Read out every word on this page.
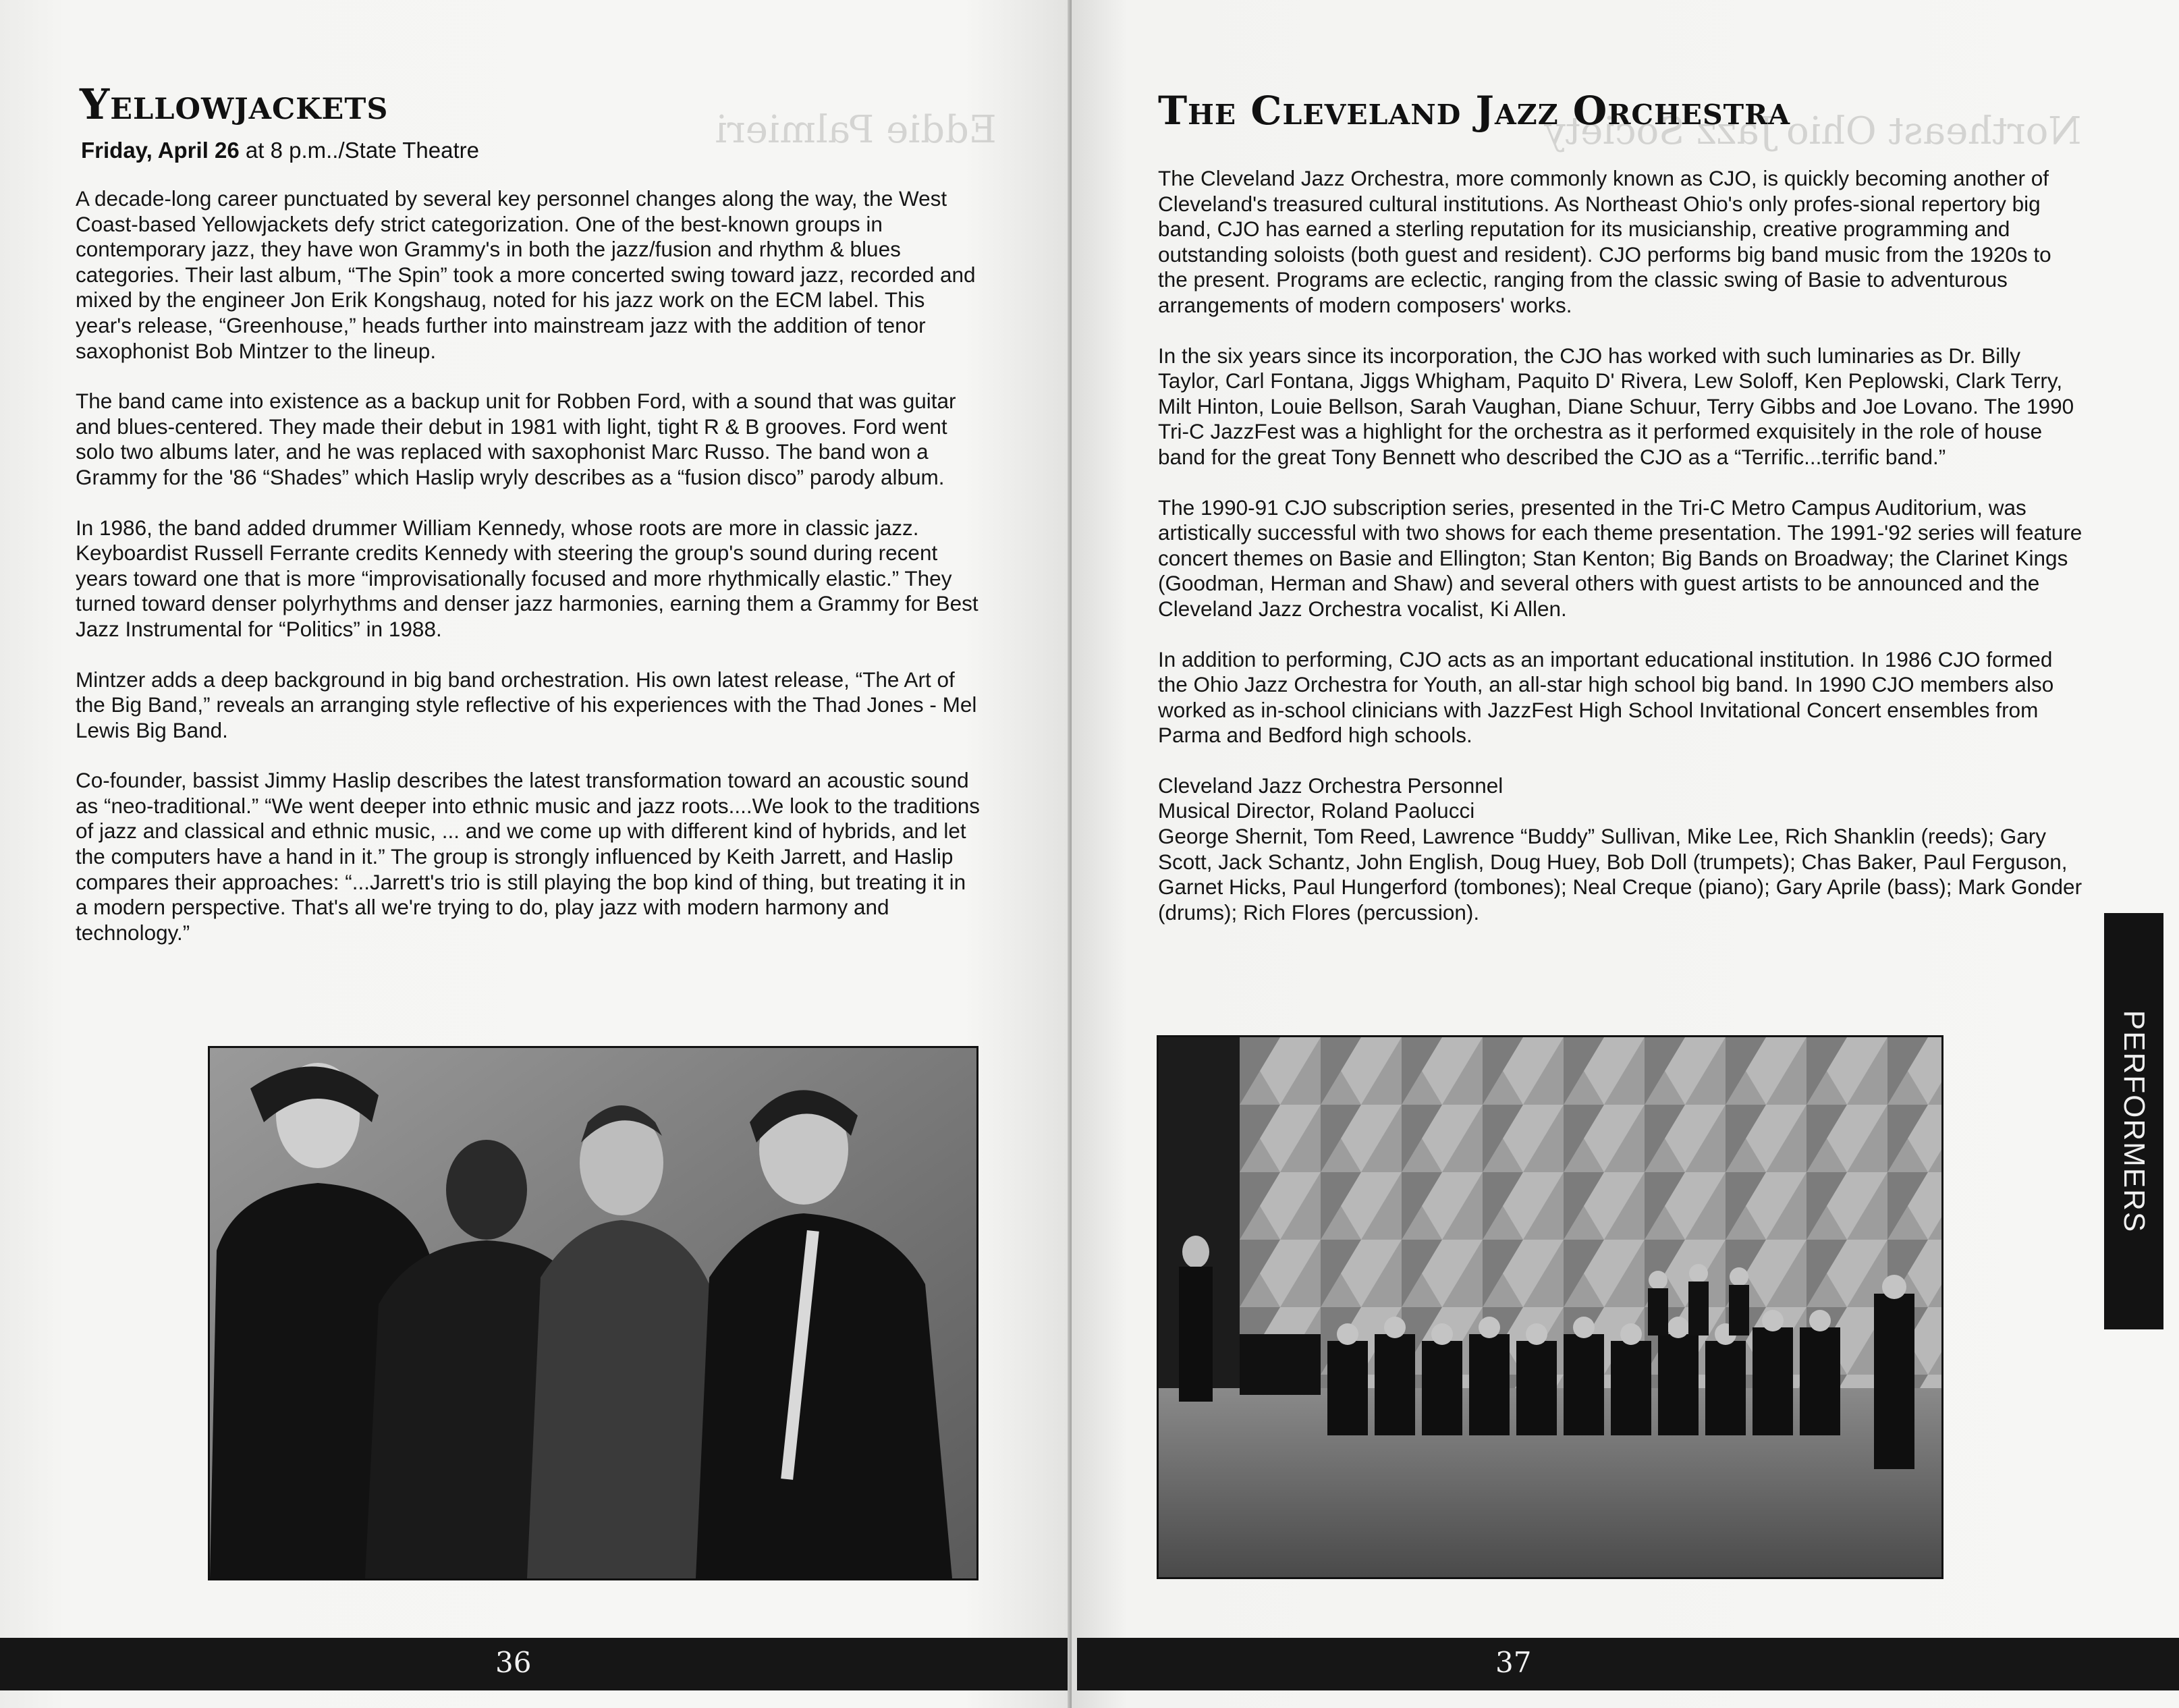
Eddie Palmieri
Yellowjackets

Friday, April 26 at 8 p.m../State Theatre

A decade-long career punctuated by several key personnel changes along the way, the West Coast-based Yellowjackets defy strict categorization. One of the best-known groups in contemporary jazz, they have won Grammy's in both the jazz/fusion and rhythm & blues categories. Their last album, “The Spin” took a more concerted swing toward jazz, recorded and mixed by the engineer Jon Erik Kongshaug, noted for his jazz work on the ECM label. This year's release, “Greenhouse,” heads further into mainstream jazz with the addition of tenor saxophonist Bob Mintzer to the lineup.

The band came into existence as a backup unit for Robben Ford, with a sound that was guitar and blues-centered. They made their debut in 1981 with light, tight R & B grooves. Ford went solo two albums later, and he was replaced with saxophonist Marc Russo. The band won a Grammy for the '86 “Shades” which Haslip wryly describes as a “fusion disco” parody album.

In 1986, the band added drummer William Kennedy, whose roots are more in classic jazz. Keyboardist Russell Ferrante credits Kennedy with steering the group's sound during recent years toward one that is more “improvisationally focused and more rhythmically elastic.” They turned toward denser polyrhythms and denser jazz harmonies, earning them a Grammy for Best Jazz Instrumental for “Politics” in 1988.

Mintzer adds a deep background in big band orchestration. His own latest release, “The Art of the Big Band,” reveals an arranging style reflective of his experiences with the Thad Jones - Mel Lewis Big Band.

Co-founder, bassist Jimmy Haslip describes the latest transformation toward an acoustic sound as “neo-traditional.” “We went deeper into ethnic music and jazz roots....We look to the traditions of jazz and classical and ethnic music, ... and we come up with different kind of hybrids, and let the computers have a hand in it.” The group is strongly influenced by Keith Jarrett, and Haslip compares their approaches: “...Jarrett's trio is still playing the bop kind of thing, but treating it in a modern perspective. That's all we're trying to do, play jazz with modern harmony and technology.”

36
Northeast Ohio Jazz Society
The Cleveland Jazz Orchestra

The Cleveland Jazz Orchestra, more commonly known as CJO, is quickly becoming another of Cleveland's treasured cultural institutions. As Northeast Ohio's only profes-sional repertory big band, CJO has earned a sterling reputation for its musicianship, creative programming and outstanding soloists (both guest and resident). CJO performs big band music from the 1920s to the present. Programs are eclectic, ranging from the classic swing of Basie to adventurous arrangements of modern composers' works.

In the six years since its incorporation, the CJO has worked with such luminaries as Dr. Billy Taylor, Carl Fontana, Jiggs Whigham, Paquito D' Rivera, Lew Soloff, Ken Peplowski, Clark Terry, Milt Hinton, Louie Bellson, Sarah Vaughan, Diane Schuur, Terry Gibbs and Joe Lovano. The 1990 Tri-C JazzFest was a highlight for the orchestra as it performed exquisitely in the role of house band for the great Tony Bennett who described the CJO as a “Terrific...terrific band.”

The 1990-91 CJO subscription series, presented in the Tri-C Metro Campus Auditorium, was artistically successful with two shows for each theme presentation. The 1991-'92 series will feature concert themes on Basie and Ellington; Stan Kenton; Big Bands on Broadway; the Clarinet Kings (Goodman, Herman and Shaw) and several others with guest artists to be announced and the Cleveland Jazz Orchestra vocalist, Ki Allen.

In addition to performing, CJO acts as an important educational institution. In 1986 CJO formed the Ohio Jazz Orchestra for Youth, an all-star high school big band. In 1990 CJO members also worked as in-school clinicians with JazzFest High School Invitational Concert ensembles from Parma and Bedford high schools.

Cleveland Jazz Orchestra Personnel

Musical Director, Roland Paolucci

George Shernit, Tom Reed, Lawrence “Buddy” Sullivan, Mike Lee, Rich Shanklin (reeds); Gary Scott, Jack Schantz, John English, Doug Huey, Bob Doll (trumpets); Chas Baker, Paul Ferguson, Garnet Hicks, Paul Hungerford (tombones); Neal Creque (piano); Gary Aprile (bass); Mark Gonder (drums); Rich Flores (percussion).

37
PERFORMERS
